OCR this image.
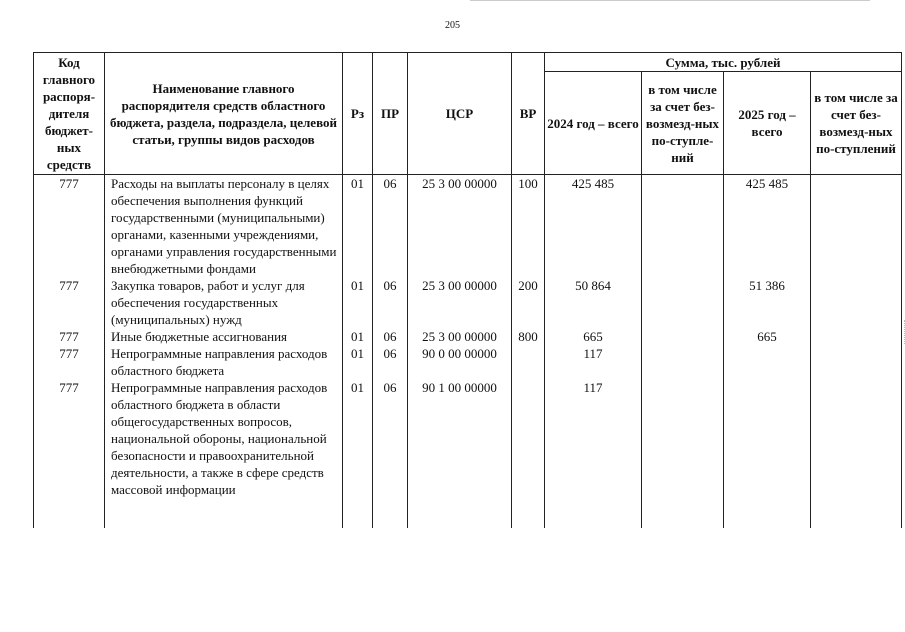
205
Код главного распоря-дителя бюджет-ных средств	Наименование главного распорядителя средств областного бюджета, раздела, подраздела, целевой статьи, группы видов расходов	Рз	ПР	ЦСР	ВР	Сумма, тыс. рублей			
						2024 год – всего	в том числе за счет без-возмезд-ных по-ступле-ний	2025 год – всего	в том числе за счет без-возмезд-ных по-ступлений
777	Расходы на выплаты персоналу в целях обеспечения выполнения функций государственными (муниципальными) органами, казенными учреждениями, органами управления государственными внебюджетными фондами	01	06	25 3 00 00000	100	425 485		425 485	
777	Закупка товаров, работ и услуг для обеспечения государственных (муниципальных) нужд	01	06	25 3 00 00000	200	50 864		51 386	
777	Иные бюджетные ассигнования	01	06	25 3 00 00000	800	665		665	
777	Непрограммные направления расходов областного бюджета	01	06	90 0 00 00000		117			
777	Непрограммные направления расходов областного бюджета в области общегосударственных вопросов, национальной обороны, национальной безопасности и правоохранительной деятельности, а также в сфере средств массовой информации	01	06	90 1 00 00000		117			
